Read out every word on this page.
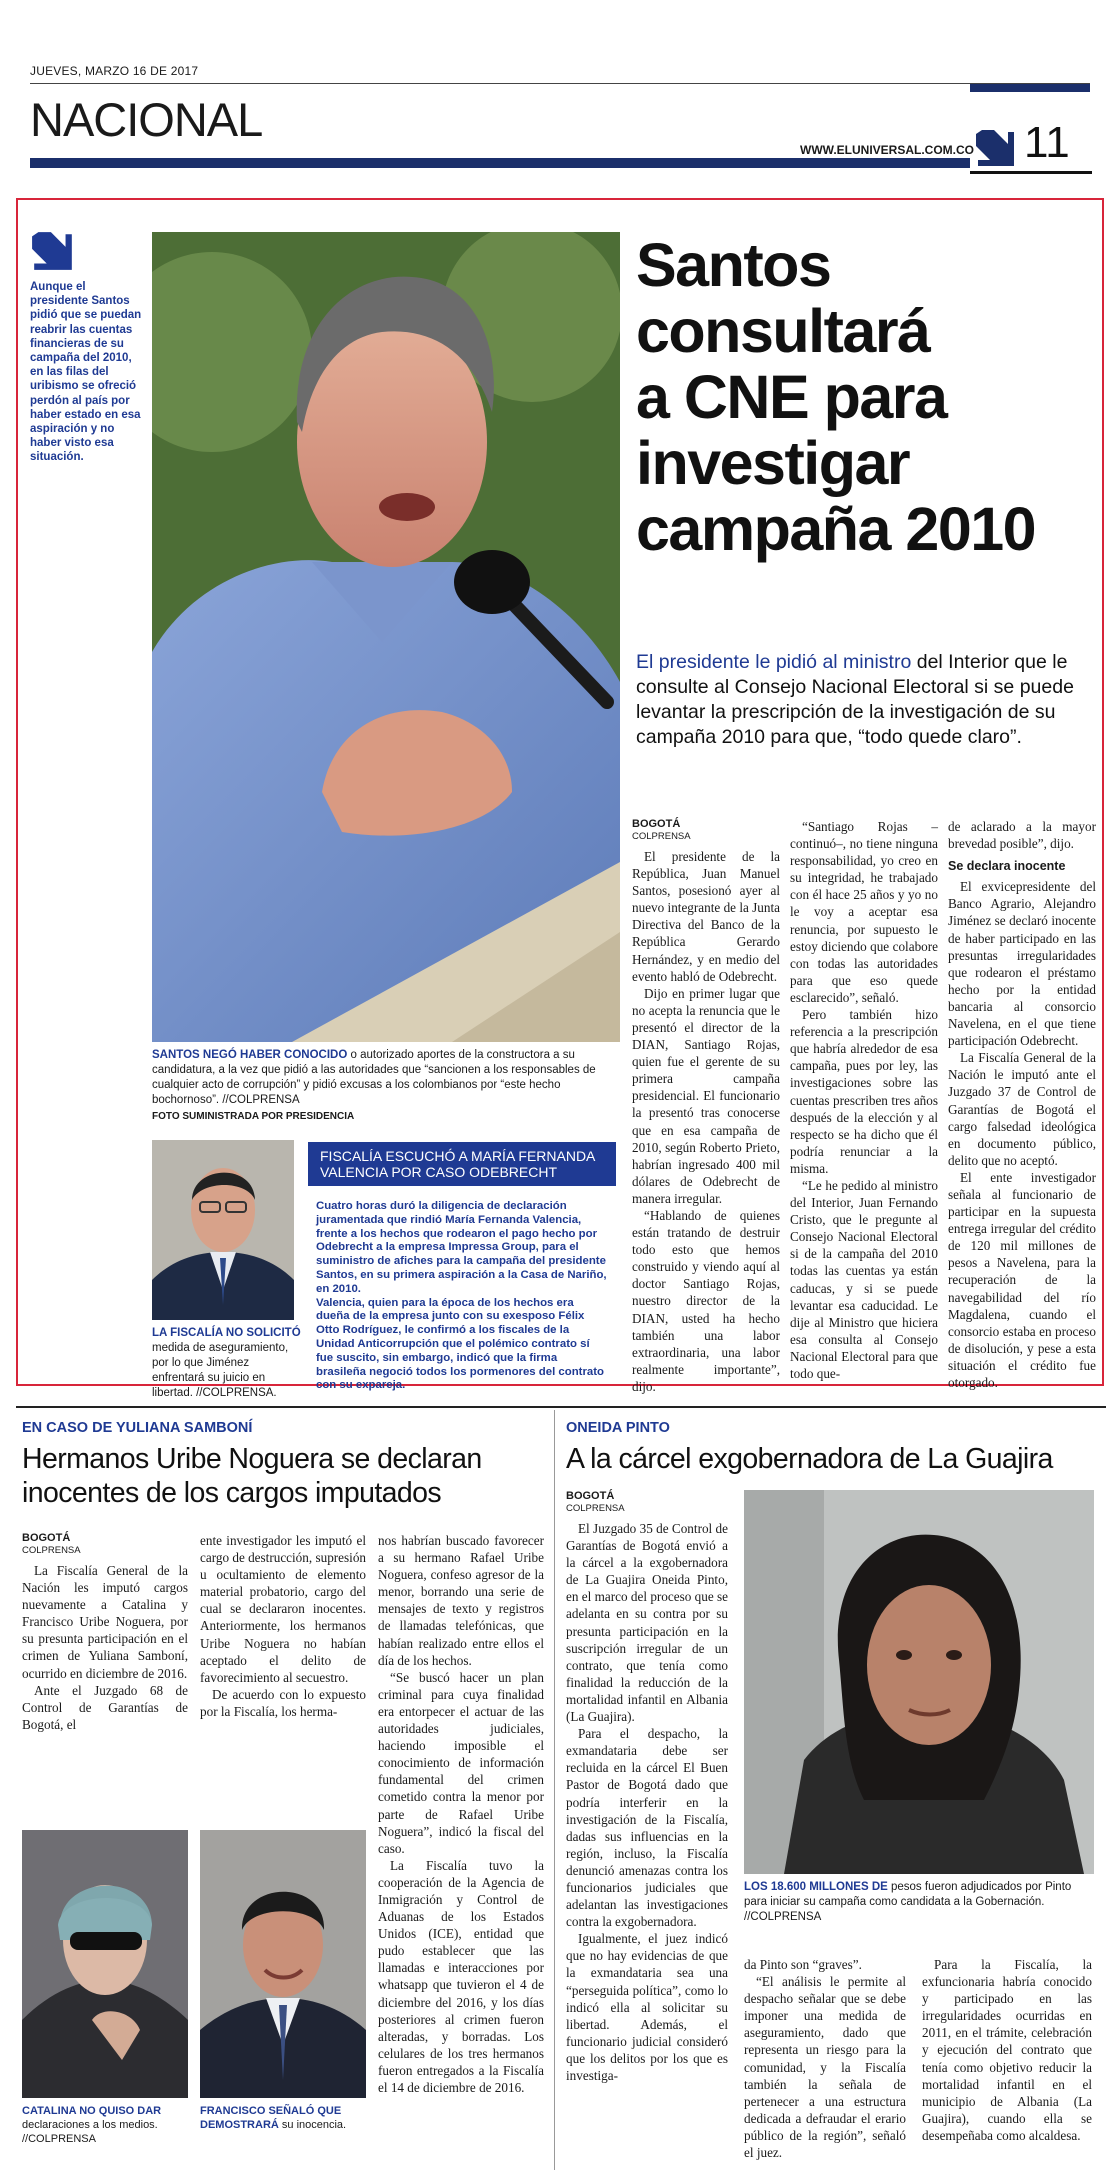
JUEVES, MARZO 16 DE 2017
NACIONAL
WWW.ELUNIVERSAL.COM.CO 11
Aunque el presidente Santos pidió que se puedan reabrir las cuentas financieras de su campaña del 2010, en las filas del uribismo se ofreció perdón al país por haber estado en esa aspiración y no haber visto esa situación.
Santos
consultará
a CNE para
investigar
campaña 2010
El presidente le pidió al ministro del Interior que le consulte al Consejo Nacional Electoral si se puede levantar la prescripción de la investigación de su campaña 2010 para que, “todo quede claro”.
SANTOS NEGÓ HABER CONOCIDO o autorizado aportes de la constructora a su candidatura, a la vez que pidió a las autoridades que “sancionen a los responsables de cualquier acto de corrupción” y pidió excusas a los colombianos por “este hecho bochornoso”. //COLPRENSA
FOTO SUMINISTRADA POR PRESIDENCIA
BOGOTÁ
COLPRENSA

El presidente de la República, Juan Manuel Santos, posesionó ayer al nuevo integrante de la Junta Directiva del Banco de la República Gerardo Hernández, y en medio del evento habló de Odebrecht.

Dijo en primer lugar que no acepta la renuncia que le presentó el director de la DIAN, Santiago Rojas, quien fue el gerente de su primera campaña presidencial. El funcionario la presentó tras conocerse que en esa campaña de 2010, según Roberto Prieto, habrían ingresado 400 mil dólares de Odebrecht de manera irregular.

“Hablando de quienes están tratando de destruir todo esto que hemos construido y viendo aquí al doctor Santiago Rojas, nuestro director de la DIAN, usted ha hecho también una labor extraordinaria, una labor realmente importante”, dijo.

“Santiago Rojas –continuó–, no tiene ninguna responsabilidad, yo creo en su integridad, he trabajado con él hace 25 años y yo no le voy a aceptar esa renuncia, por supuesto le estoy diciendo que colabore con todas las autoridades para que eso quede esclarecido”, señaló.

Pero también hizo referencia a la prescripción que habría alrededor de esa campaña, pues por ley, las investigaciones sobre las cuentas prescriben tres años después de la elección y al respecto se ha dicho que él podría renunciar a la misma.

“Le he pedido al ministro del Interior, Juan Fernando Cristo, que le pregunte al Consejo Nacional Electoral si de la campaña del 2010 todas las cuentas ya están caducas, y si se puede levantar esa caducidad. Le dije al Ministro que hiciera esa consulta al Consejo Nacional Electoral para que todo que-

de aclarado a la mayor brevedad posible”, dijo.

Se declara inocente

El exvicepresidente del Banco Agrario, Alejandro Jiménez se declaró inocente de haber participado en las presuntas irregularidades que rodearon el préstamo hecho por la entidad bancaria al consorcio Navelena, en el que tiene participación Odebrecht.

La Fiscalía General de la Nación le imputó ante el Juzgado 37 de Control de Garantías de Bogotá el cargo falsedad ideológica en documento público, delito que no aceptó.

El ente investigador señala al funcionario de participar en la supuesta entrega irregular del crédito de 120 mil millones de pesos a Navelena, para la recuperación de la navegabilidad del río Magdalena, cuando el consorcio estaba en proceso de disolución, y pese a esta situación el crédito fue otorgado.

LA FISCALÍA NO SOLICITÓ medida de aseguramiento, por lo que Jiménez enfrentará su juicio en libertad. //COLPRENSA.
FISCALÍA ESCUCHÓ A MARÍA FERNANDA VALENCIA POR CASO ODEBRECHT
Cuatro horas duró la diligencia de declaración juramentada que rindió María Fernanda Valencia, frente a los hechos que rodearon el pago hecho por Odebrecht a la empresa Impressa Group, para el suministro de afiches para la campaña del presidente Santos, en su primera aspiración a la Casa de Nariño, en 2010.
Valencia, quien para la época de los hechos era dueña de la empresa junto con su exesposo Félix Otto Rodríguez, le confirmó a los fiscales de la Unidad Anticorrupción que el polémico contrato sí fue suscito, sin embargo, indicó que la firma brasileña negoció todos los pormenores del contrato con su expareja.
EN CASO DE YULIANA SAMBONÍ
Hermanos Uribe Noguera se declaran inocentes de los cargos imputados
BOGOTÁ
COLPRENSA

La Fiscalía General de la Nación les imputó cargos nuevamente a Catalina y Francisco Uribe Noguera, por su presunta participación en el crimen de Yuliana Samboní, ocurrido en diciembre de 2016.

Ante el Juzgado 68 de Control de Garantías de Bogotá, el

ente investigador les imputó el cargo de destrucción, supresión u ocultamiento de elemento material probatorio, cargo del cual se declararon inocentes. Anteriormente, los hermanos Uribe Noguera no habían aceptado el delito de favorecimiento al secuestro.

De acuerdo con lo expuesto por la Fiscalía, los herma-

nos habrían buscado favorecer a su hermano Rafael Uribe Noguera, confeso agresor de la menor, borrando una serie de mensajes de texto y registros de llamadas telefónicas, que habían realizado entre ellos el día de los hechos.

“Se buscó hacer un plan criminal para cuya finalidad era entorpecer el actuar de las autoridades judiciales, haciendo imposible el conocimiento de información fundamental del crimen cometido contra la menor por parte de Rafael Uribe Noguera”, indicó la fiscal del caso.

La Fiscalía tuvo la cooperación de la Agencia de Inmigración y Control de Aduanas de los Estados Unidos (ICE), entidad que pudo establecer que las llamadas e interacciones por whatsapp que tuvieron el 4 de diciembre del 2016, y los días posteriores al crimen fueron alteradas, y borradas. Los celulares de los tres hermanos fueron entregados a la Fiscalía el 14 de diciembre de 2016.

CATALINA NO QUISO DAR declaraciones a los medios. //COLPRENSA
FRANCISCO SEÑALÓ QUE DEMOSTRARÁ su inocencia.
ONEIDA PINTO
A la cárcel exgobernadora de La Guajira
BOGOTÁ
COLPRENSA

El Juzgado 35 de Control de Garantías de Bogotá envió a la cárcel a la exgobernadora de La Guajira Oneida Pinto, en el marco del proceso que se adelanta en su contra por su presunta participación en la suscripción irregular de un contrato, que tenía como finalidad la reducción de la mortalidad infantil en Albania (La Guajira).

Para el despacho, la exmandataria debe ser recluida en la cárcel El Buen Pastor de Bogotá dado que podría interferir en la investigación de la Fiscalía, dadas sus influencias en la región, incluso, la Fiscalía denunció amenazas contra los funcionarios judiciales que adelantan las investigaciones contra la exgobernadora.

Igualmente, el juez indicó que no hay evidencias de que la exmandataria sea una “perseguida política”, como lo indicó ella al solicitar su libertad. Además, el funcionario judicial consideró que los delitos por los que es investiga-

LOS 18.600 MILLONES DE pesos fueron adjudicados por Pinto para iniciar su campaña como candidata a la Gobernación. //COLPRENSA

da Pinto son “graves”.

“El análisis le permite al despacho señalar que se debe imponer una medida de aseguramiento, dado que representa un riesgo para la comunidad, y la Fiscalía también la señala de pertenecer a una estructura dedicada a defraudar el erario público de la región”, señaló el juez.

Para la Fiscalía, la exfuncionaria habría conocido y participado en las irregularidades ocurridas en 2011, en el trámite, celebración y ejecución del contrato que tenía como objetivo reducir la mortalidad infantil en el municipio de Albania (La Guajira), cuando ella se desempeñaba como alcaldesa.
